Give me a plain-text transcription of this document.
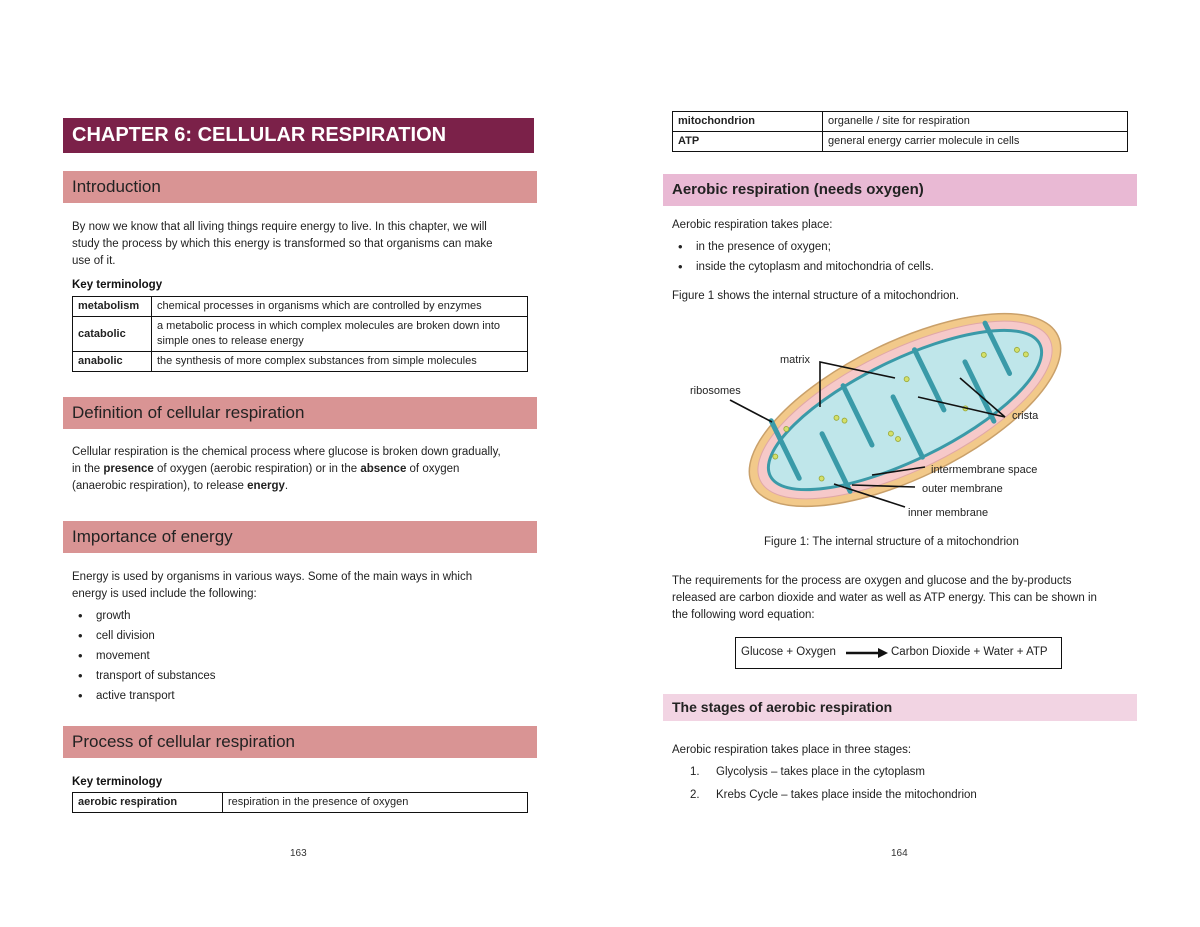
CHAPTER 6: CELLULAR RESPIRATION
Introduction
By now we know that all living things require energy to live. In this chapter, we will
study the process by which this energy is transformed so that organisms can make
use of it.
Key terminology
metabolism	chemical processes in organisms which are controlled by enzymes
catabolic	a metabolic process in which complex molecules are broken down into simple ones to release energy
anabolic	the synthesis of more complex substances from simple molecules
Definition of cellular respiration
Cellular respiration is the chemical process where glucose is broken down gradually,
in the presence of oxygen (aerobic respiration) or in the absence of oxygen
(anaerobic respiration), to release energy.
Importance of energy
Energy is used by organisms in various ways. Some of the main ways in which
energy is used include the following:
• growth
• cell division
• movement
• transport of substances
• active transport
Process of cellular respiration
Key terminology
aerobic respiration	respiration in the presence of oxygen
163
mitochondrion	organelle / site for respiration
ATP	general energy carrier molecule in cells
Aerobic respiration (needs oxygen)
Aerobic respiration takes place:
• in the presence of oxygen;
• inside the cytoplasm and mitochondria of cells.
Figure 1 shows the internal structure of a mitochondrion.
matrix
ribosomes
crista
intermembrane space
outer membrane
inner membrane
Figure 1: The internal structure of a mitochondrion
The requirements for the process are oxygen and glucose and the by-products
released are carbon dioxide and water as well as ATP energy. This can be shown in
the following word equation:
Glucose + Oxygen	Carbon Dioxide + Water + ATP
The stages of aerobic respiration
Aerobic respiration takes place in three stages:
1. Glycolysis – takes place in the cytoplasm
2. Krebs Cycle – takes place inside the mitochondrion
164
